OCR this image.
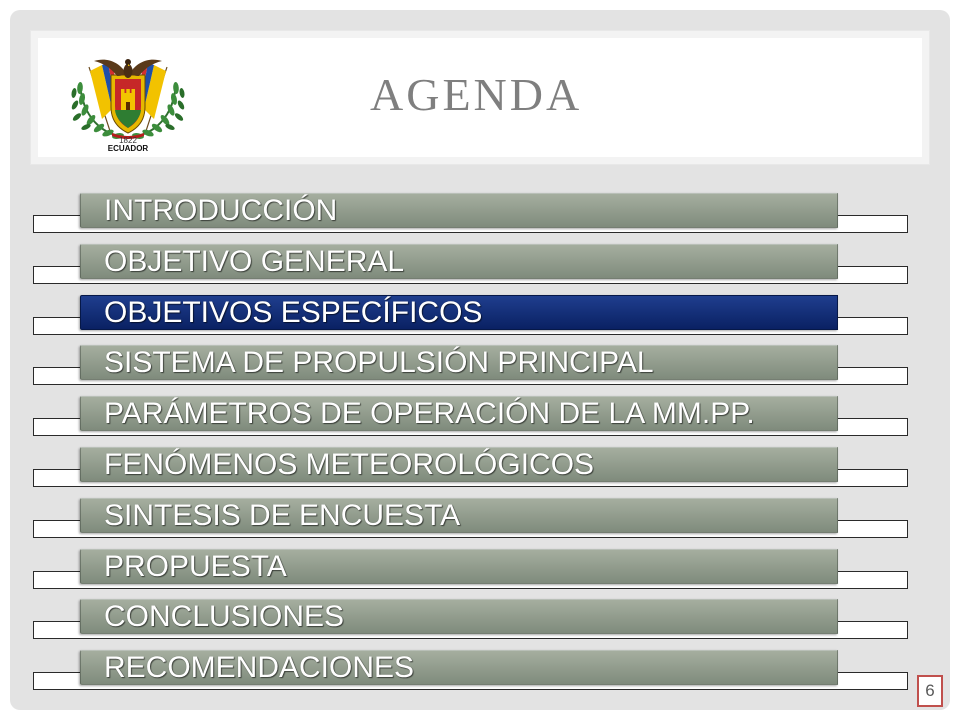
1822
ECUADOR
AGENDA
INTRODUCCIÓN
OBJETIVO GENERAL
OBJETIVOS ESPECÍFICOS
SISTEMA DE PROPULSIÓN PRINCIPAL
PARÁMETROS DE OPERACIÓN DE LA MM.PP.
FENÓMENOS METEOROLÓGICOS
SINTESIS DE ENCUESTA
PROPUESTA
CONCLUSIONES
RECOMENDACIONES
6
